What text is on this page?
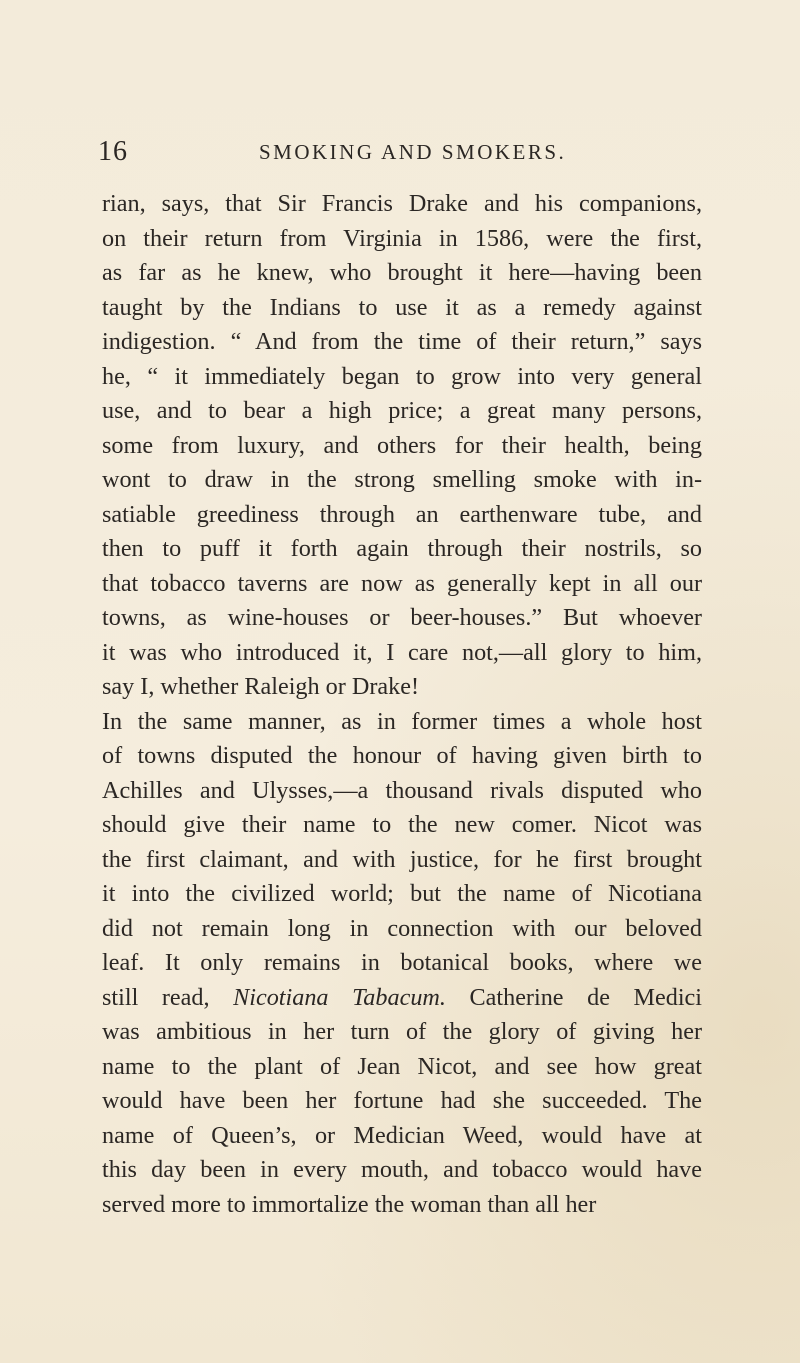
16	SMOKING AND SMOKERS.
rian, says, that Sir Francis Drake and his companions,
on their return from Virginia in 1586, were the first,
as far as he knew, who brought it here—having been
taught by the Indians to use it as a remedy against
indigestion. “ And from the time of their return,” says
he, “ it immediately began to grow into very general
use, and to bear a high price; a great many persons,
some from luxury, and others for their health, being
wont to draw in the strong smelling smoke with in-
satiable greediness through an earthenware tube, and
then to puff it forth again through their nostrils, so
that tobacco taverns are now as generally kept in all our
towns, as wine-houses or beer-houses.” But whoever
it was who introduced it, I care not,—all glory to him,
say I, whether Raleigh or Drake!
In the same manner, as in former times a whole host
of towns disputed the honour of having given birth to
Achilles and Ulysses,—a thousand rivals disputed who
should give their name to the new comer. Nicot was
the first claimant, and with justice, for he first brought
it into the civilized world; but the name of Nicotiana
did not remain long in connection with our beloved
leaf. It only remains in botanical books, where we
still read, Nicotiana Tabacum. Catherine de Medici
was ambitious in her turn of the glory of giving her
name to the plant of Jean Nicot, and see how great
would have been her fortune had she succeeded. The
name of Queen’s, or Medician Weed, would have at
this day been in every mouth, and tobacco would have
served more to immortalize the woman than all her
